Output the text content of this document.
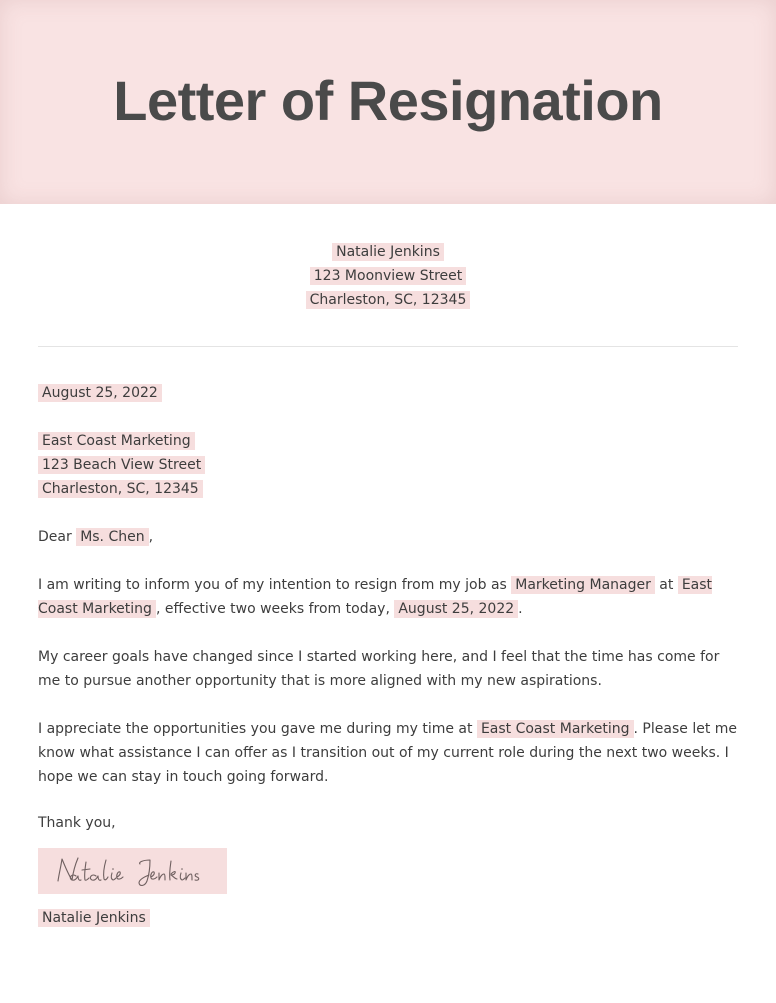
Letter of Resignation
Natalie Jenkins
123 Moonview Street
Charleston, SC, 12345
August 25, 2022
East Coast Marketing
123 Beach View Street
Charleston, SC, 12345
Dear Ms. Chen ,
I am writing to inform you of my intention to resign from my job as Marketing Manager at East Coast Marketing , effective two weeks from today, August 25, 2022 .
My career goals have changed since I started working here, and I feel that the time has come for me to pursue another opportunity that is more aligned with my new aspirations.
I appreciate the opportunities you gave me during my time at East Coast Marketing . Please let me know what assistance I can offer as I transition out of my current role during the next two weeks. I hope we can stay in touch going forward.
Thank you,
Natalie Jenkins
